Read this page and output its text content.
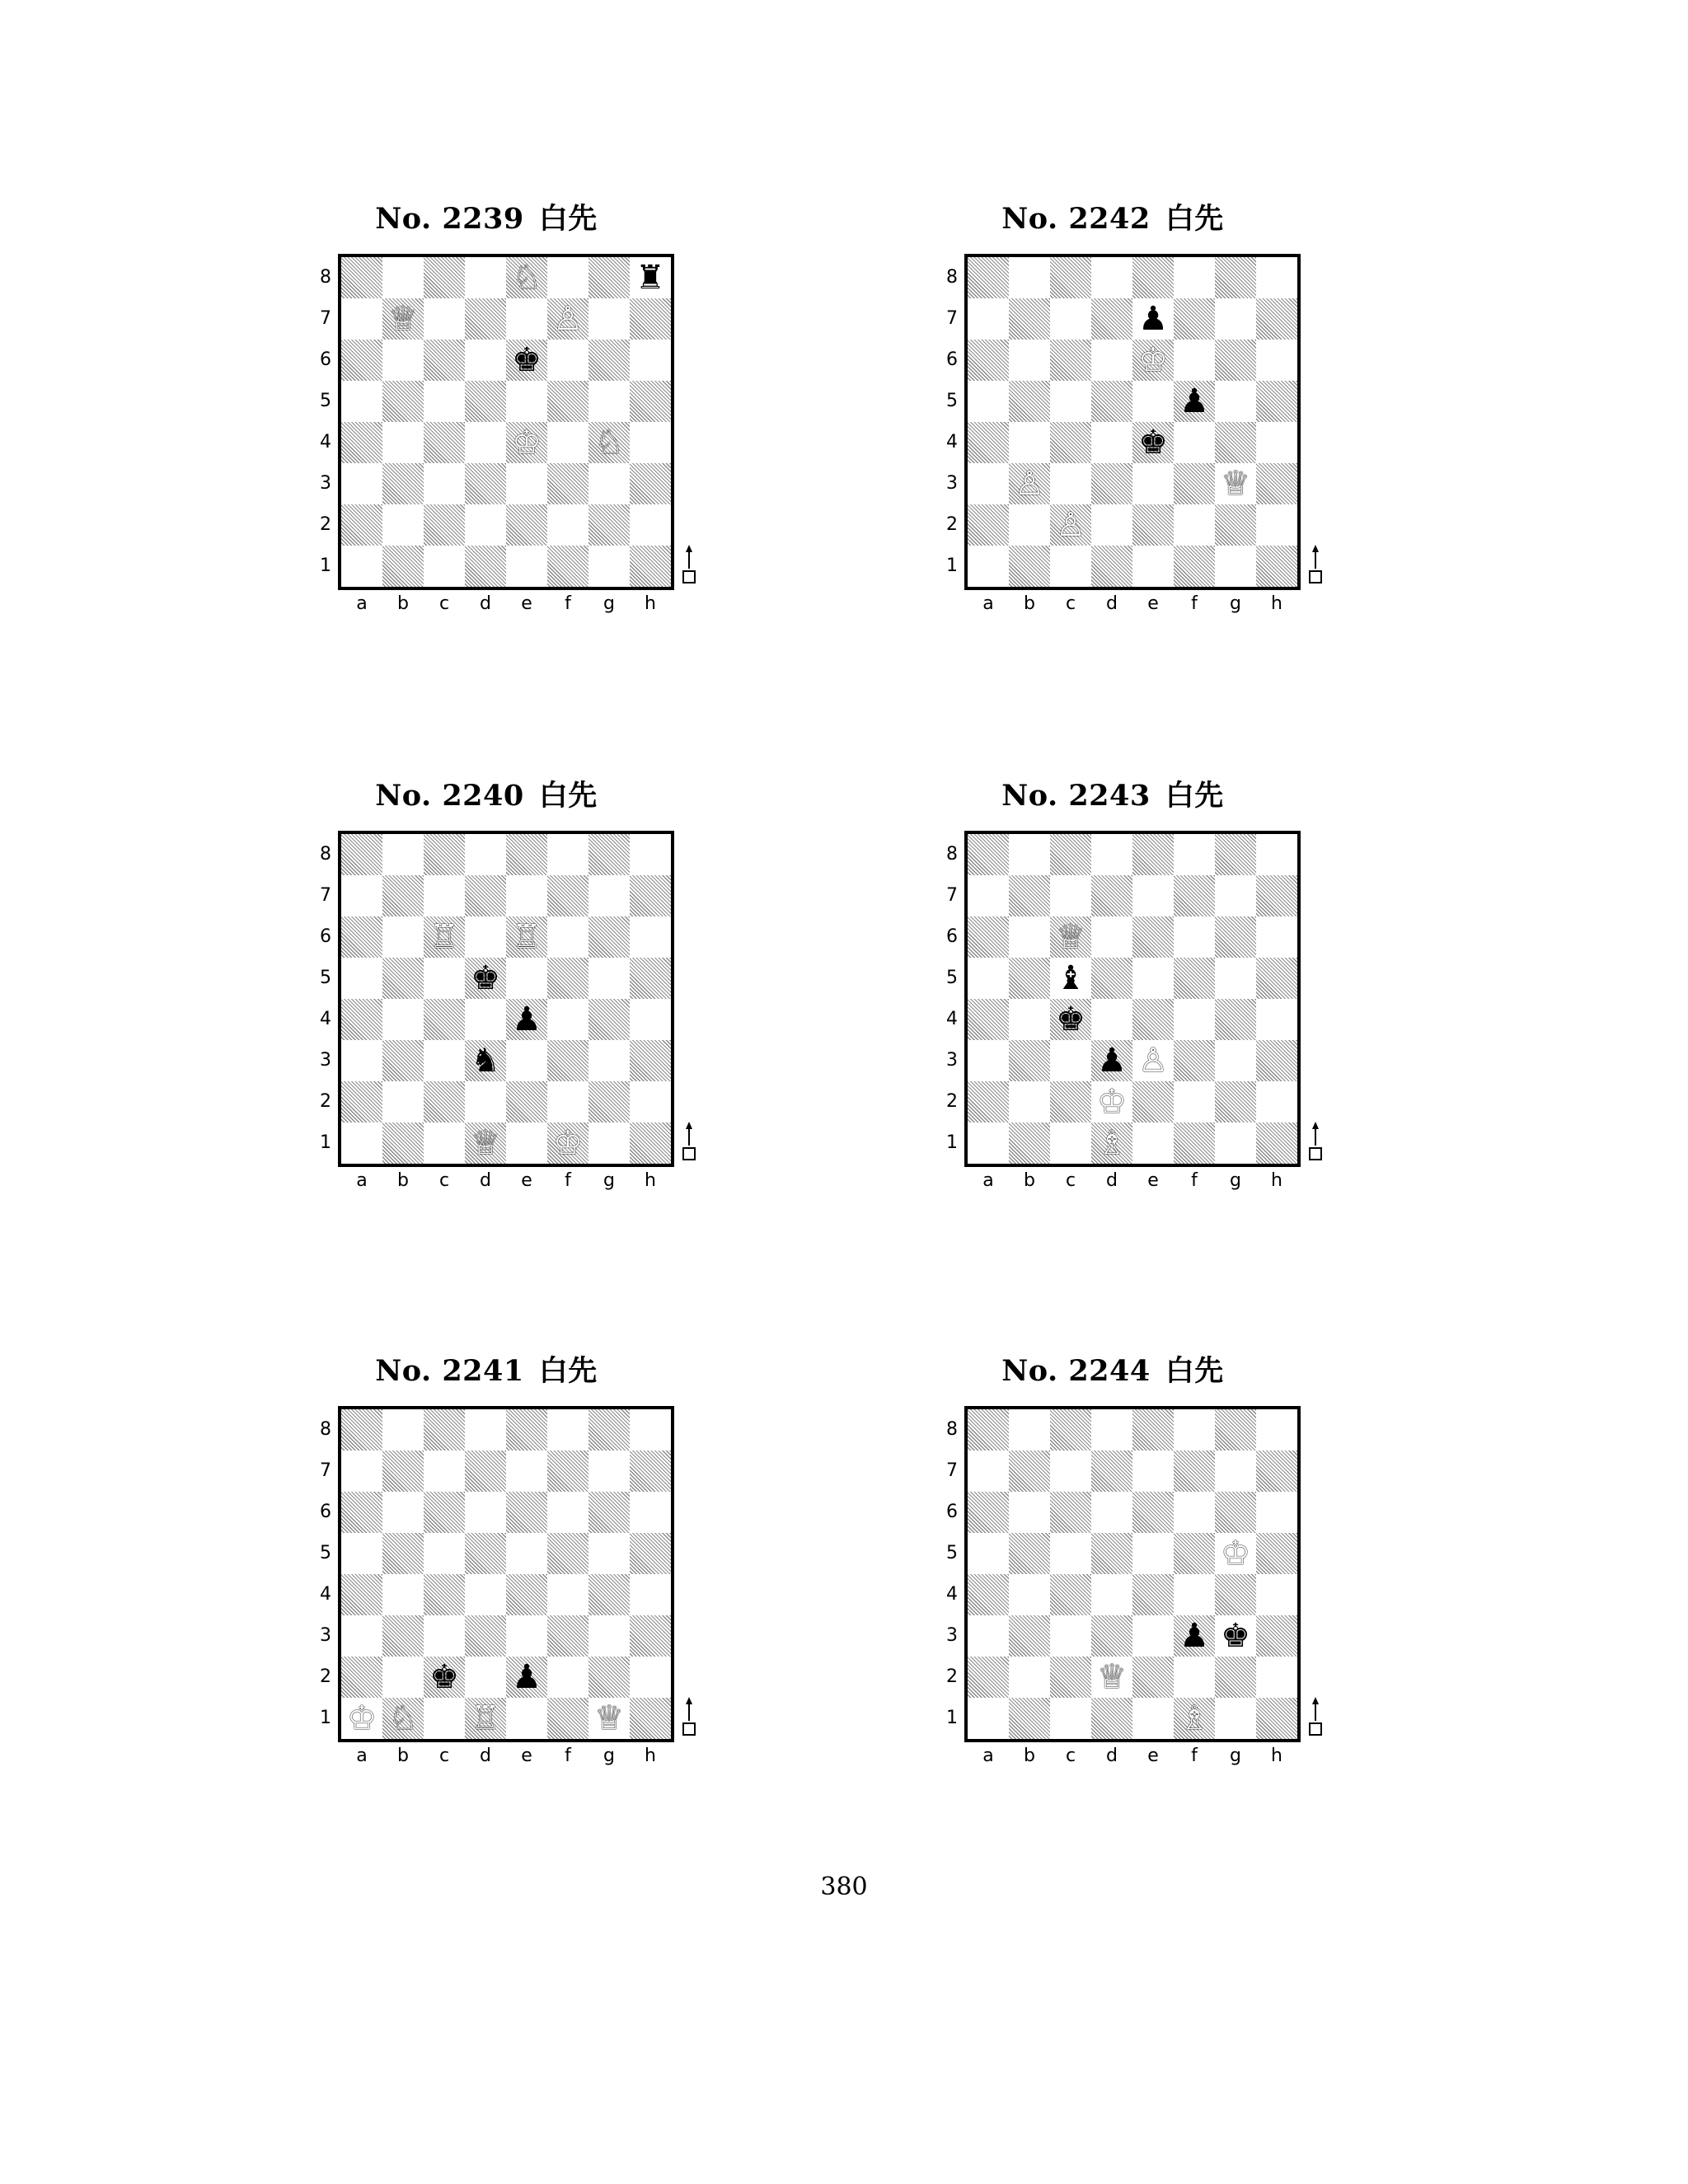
No. 2239 白先
♘	♜
♕	♙
♚
♔ ♘
8
7
6
5
4
3
2
1
a	b	c	d	e	f	g	h
No. 2242 白先
♟
♔
♟
♚
♙	♕
♙
8
7
6
5
4
3
2
1
a	b	c	d	e	f	g	h
No. 2240 白先
♖ ♖
♚
♟
♞
♕ ♔
8
7
6
5
4
3
2
1
a	b	c	d	e	f	g	h
No. 2243 白先
♕
♝
♚
♟ ♙
♔
♗
8
7
6
5
4
3
2
1
a	b	c	d	e	f	g	h
No. 2241 白先
♚ ♟
♔ ♘ ♖	♕
8
7
6
5
4
3
2
1
a	b	c	d	e	f	g	h
No. 2244 白先
♔
♟ ♚
♕
♗
8
7
6
5
4
3
2
1
a	b	c	d	e	f	g	h
380
